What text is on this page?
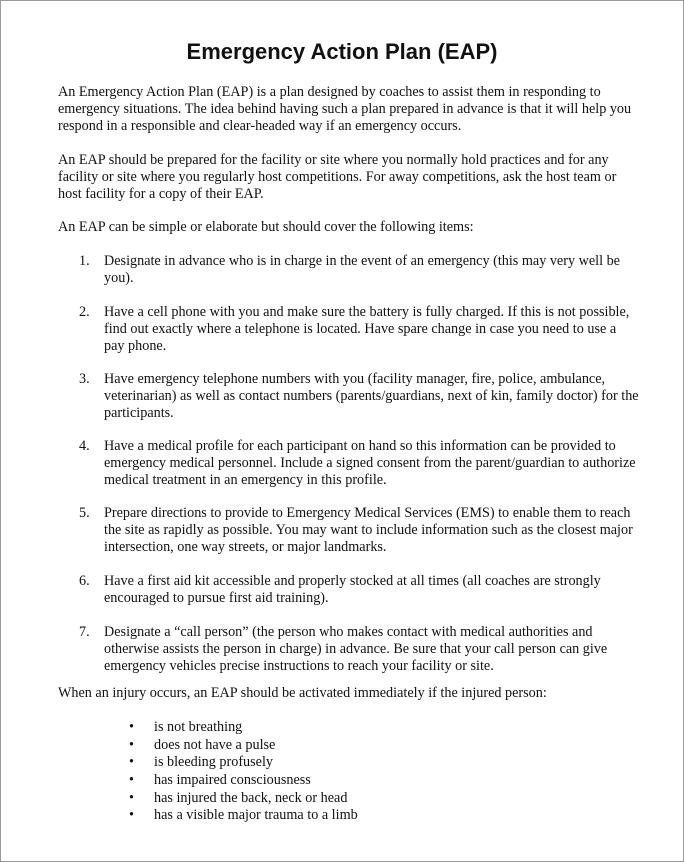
Emergency Action Plan (EAP)

An Emergency Action Plan (EAP) is a plan designed by coaches to assist them in responding to emergency situations. The idea behind having such a plan prepared in advance is that it will help you respond in a responsible and clear-headed way if an emergency occurs.

An EAP should be prepared for the facility or site where you normally hold practices and for any facility or site where you regularly host competitions. For away competitions, ask the host team or host facility for a copy of their EAP.

An EAP can be simple or elaborate but should cover the following items:

1.	Designate in advance who is in charge in the event of an emergency (this may very well be you).

2.	Have a cell phone with you and make sure the battery is fully charged. If this is not possible, find out exactly where a telephone is located. Have spare change in case you need to use a pay phone.

3.	Have emergency telephone numbers with you (facility manager, fire, police, ambulance, veterinarian) as well as contact numbers (parents/guardians, next of kin, family doctor) for the participants.

4.	Have a medical profile for each participant on hand so this information can be provided to emergency medical personnel. Include a signed consent from the parent/guardian to authorize medical treatment in an emergency in this profile.

5.	Prepare directions to provide to Emergency Medical Services (EMS) to enable them to reach the site as rapidly as possible. You may want to include information such as the closest major intersection, one way streets, or major landmarks.

6.	Have a first aid kit accessible and properly stocked at all times (all coaches are strongly encouraged to pursue first aid training).

7.	Designate a “call person” (the person who makes contact with medical authorities and otherwise assists the person in charge) in advance. Be sure that your call person can give emergency vehicles precise instructions to reach your facility or site.

When an injury occurs, an EAP should be activated immediately if the injured person:

• is not breathing
• does not have a pulse
• is bleeding profusely
• has impaired consciousness
• has injured the back, neck or head
• has a visible major trauma to a limb
